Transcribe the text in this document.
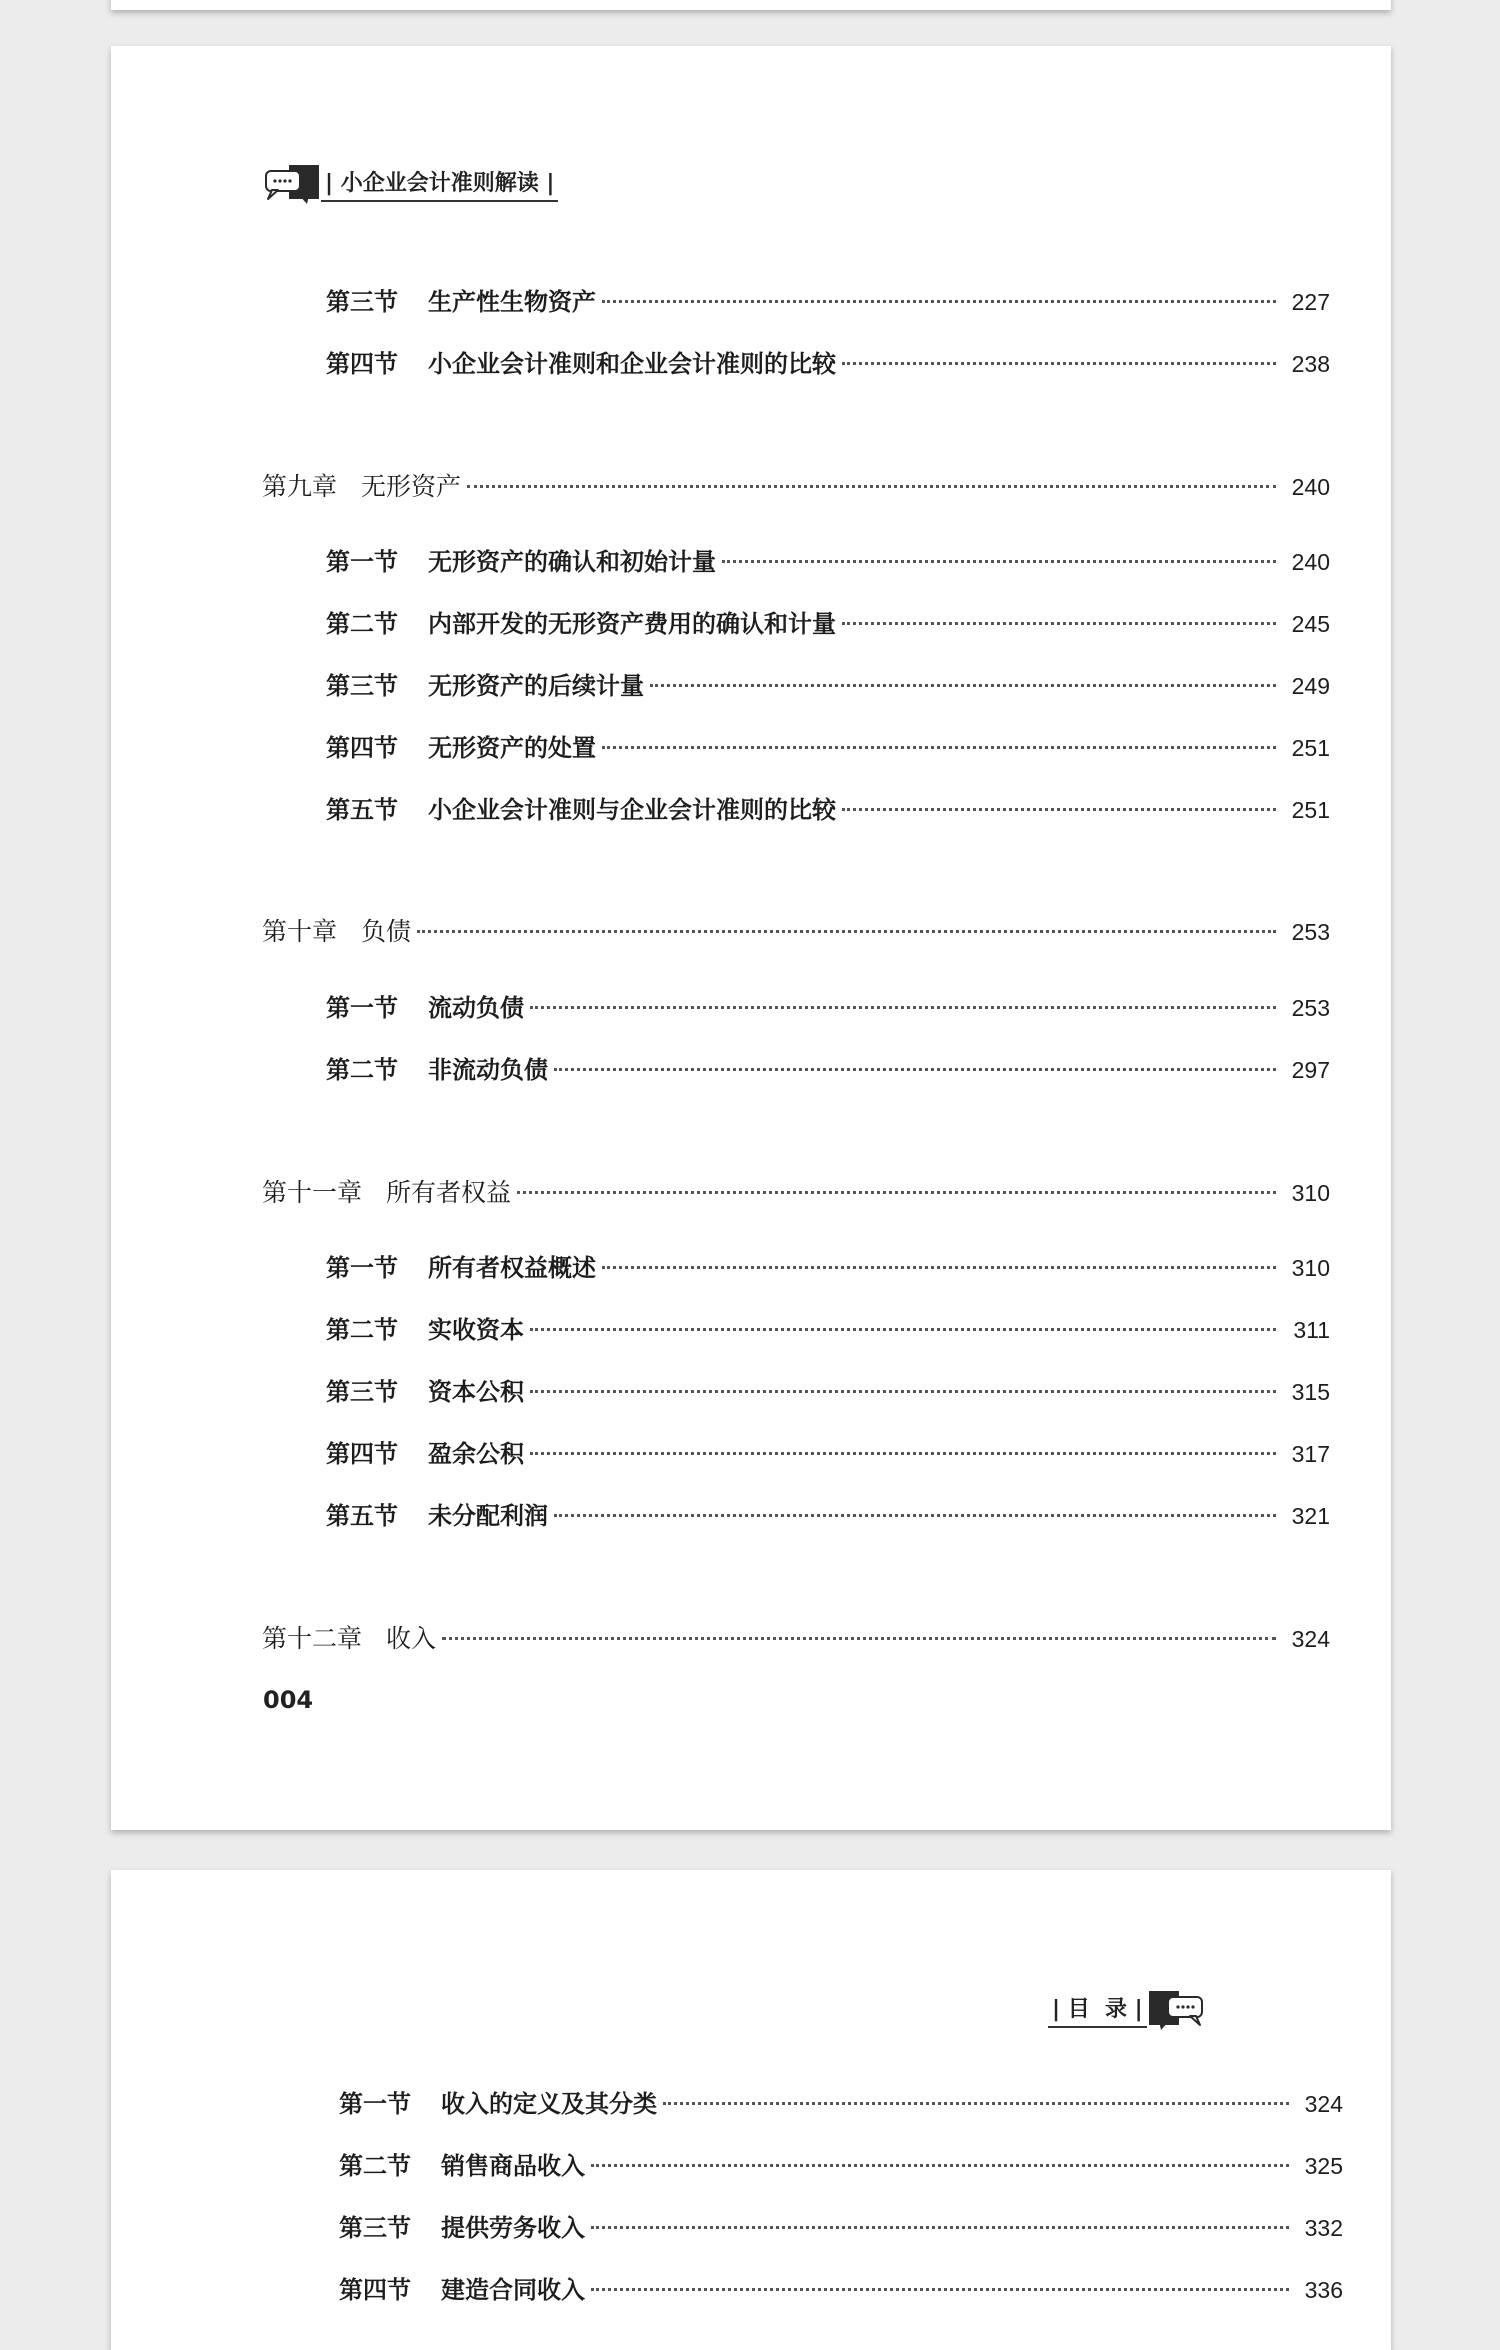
| 小企业会计准则解读 |
第三节 生产性生物资产	227
第四节 小企业会计准则和企业会计准则的比较	238
第九章 无形资产	240
第一节 无形资产的确认和初始计量	240
第二节 内部开发的无形资产费用的确认和计量	245
第三节 无形资产的后续计量	249
第四节 无形资产的处置	251
第五节 小企业会计准则与企业会计准则的比较	251
第十章 负债	253
第一节 流动负债	253
第二节 非流动负债	297
第十一章 所有者权益	310
第一节 所有者权益概述	310
第二节 实收资本	311
第三节 资本公积	315
第四节 盈余公积	317
第五节 未分配利润	321
第十二章 收入	324
004
| 目  录 |
第一节 收入的定义及其分类	324
第二节 销售商品收入	325
第三节 提供劳务收入	332
第四节 建造合同收入	336
